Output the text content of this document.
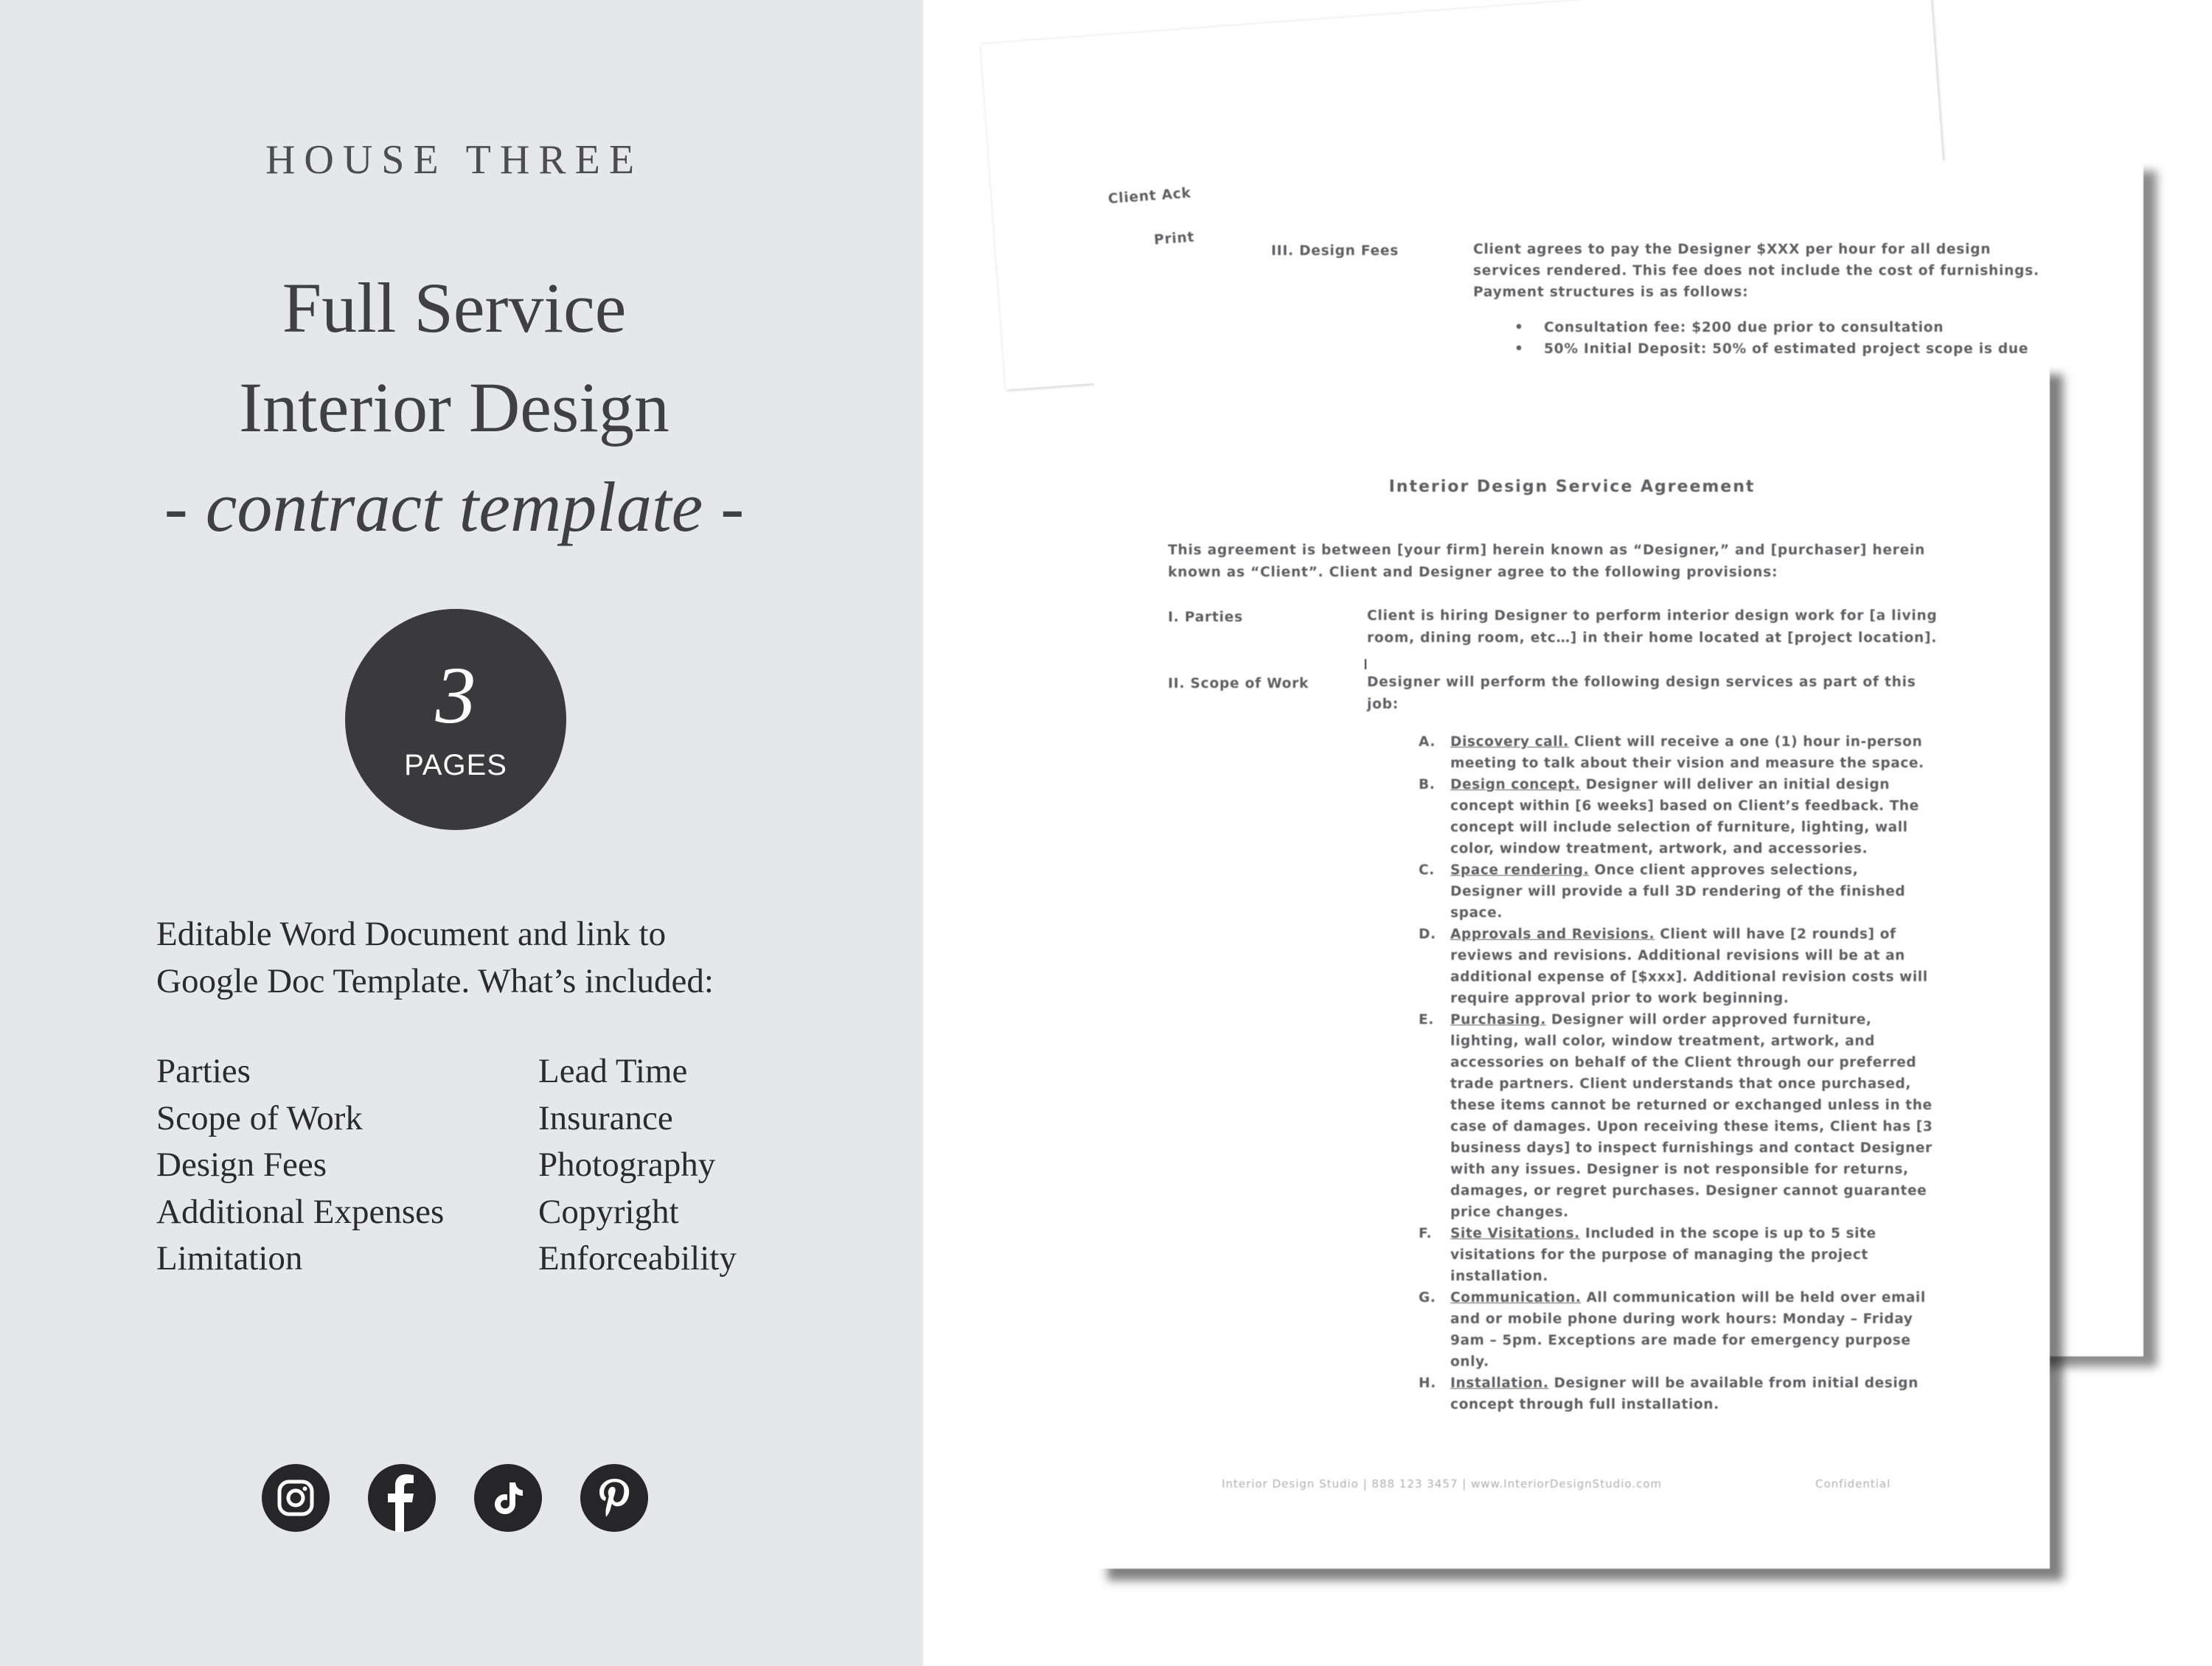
HOUSE THREE
Full Service
Interior Design
- contract template -
3
PAGES
Editable Word Document and link to
Google Doc Template. What’s included:
Parties
Scope of Work
Design Fees
Additional Expenses
Limitation
Lead Time
Insurance
Photography
Copyright
Enforceability
Client Ack
Print
III. Design Fees	Client agrees to pay the Designer $XXX per hour for all design
services rendered. This fee does not include the cost of furnishings.
Payment structures is as follows:
• Consultation fee: $200 due prior to consultation
• 50% Initial Deposit: 50% of estimated project scope is due
Interior Design Service Agreement
This agreement is between [your firm] herein known as “Designer,” and [purchaser] herein
known as “Client”. Client and Designer agree to the following provisions:
I. Parties	Client is hiring Designer to perform interior design work for [a living
room, dining room, etc…] in their home located at [project location].
II. Scope of Work	Designer will perform the following design services as part of this
job:
A. Discovery call. Client will receive a one (1) hour in-person meeting to talk about their vision and measure the space.
B. Design concept. Designer will deliver an initial design concept within [6 weeks] based on Client’s feedback. The concept will include selection of furniture, lighting, wall color, window treatment, artwork, and accessories.
C. Space rendering. Once client approves selections, Designer will provide a full 3D rendering of the finished space.
D. Approvals and Revisions. Client will have [2 rounds] of reviews and revisions. Additional revisions will be at an additional expense of [$xxx]. Additional revision costs will require approval prior to work beginning.
E. Purchasing. Designer will order approved furniture, lighting, wall color, window treatment, artwork, and accessories on behalf of the Client through our preferred trade partners. Client understands that once purchased, these items cannot be returned or exchanged unless in the case of damages. Upon receiving these items, Client has [3 business days] to inspect furnishings and contact Designer with any issues. Designer is not responsible for returns, damages, or regret purchases. Designer cannot guarantee price changes.
F. Site Visitations. Included in the scope is up to 5 site visitations for the purpose of managing the project installation.
G. Communication. All communication will be held over email and or mobile phone during work hours: Monday – Friday 9am – 5pm. Exceptions are made for emergency purpose only.
H. Installation. Designer will be available from initial design concept through full installation.
Interior Design Studio | 888 123 3457 | www.InteriorDesignStudio.com	Confidential
